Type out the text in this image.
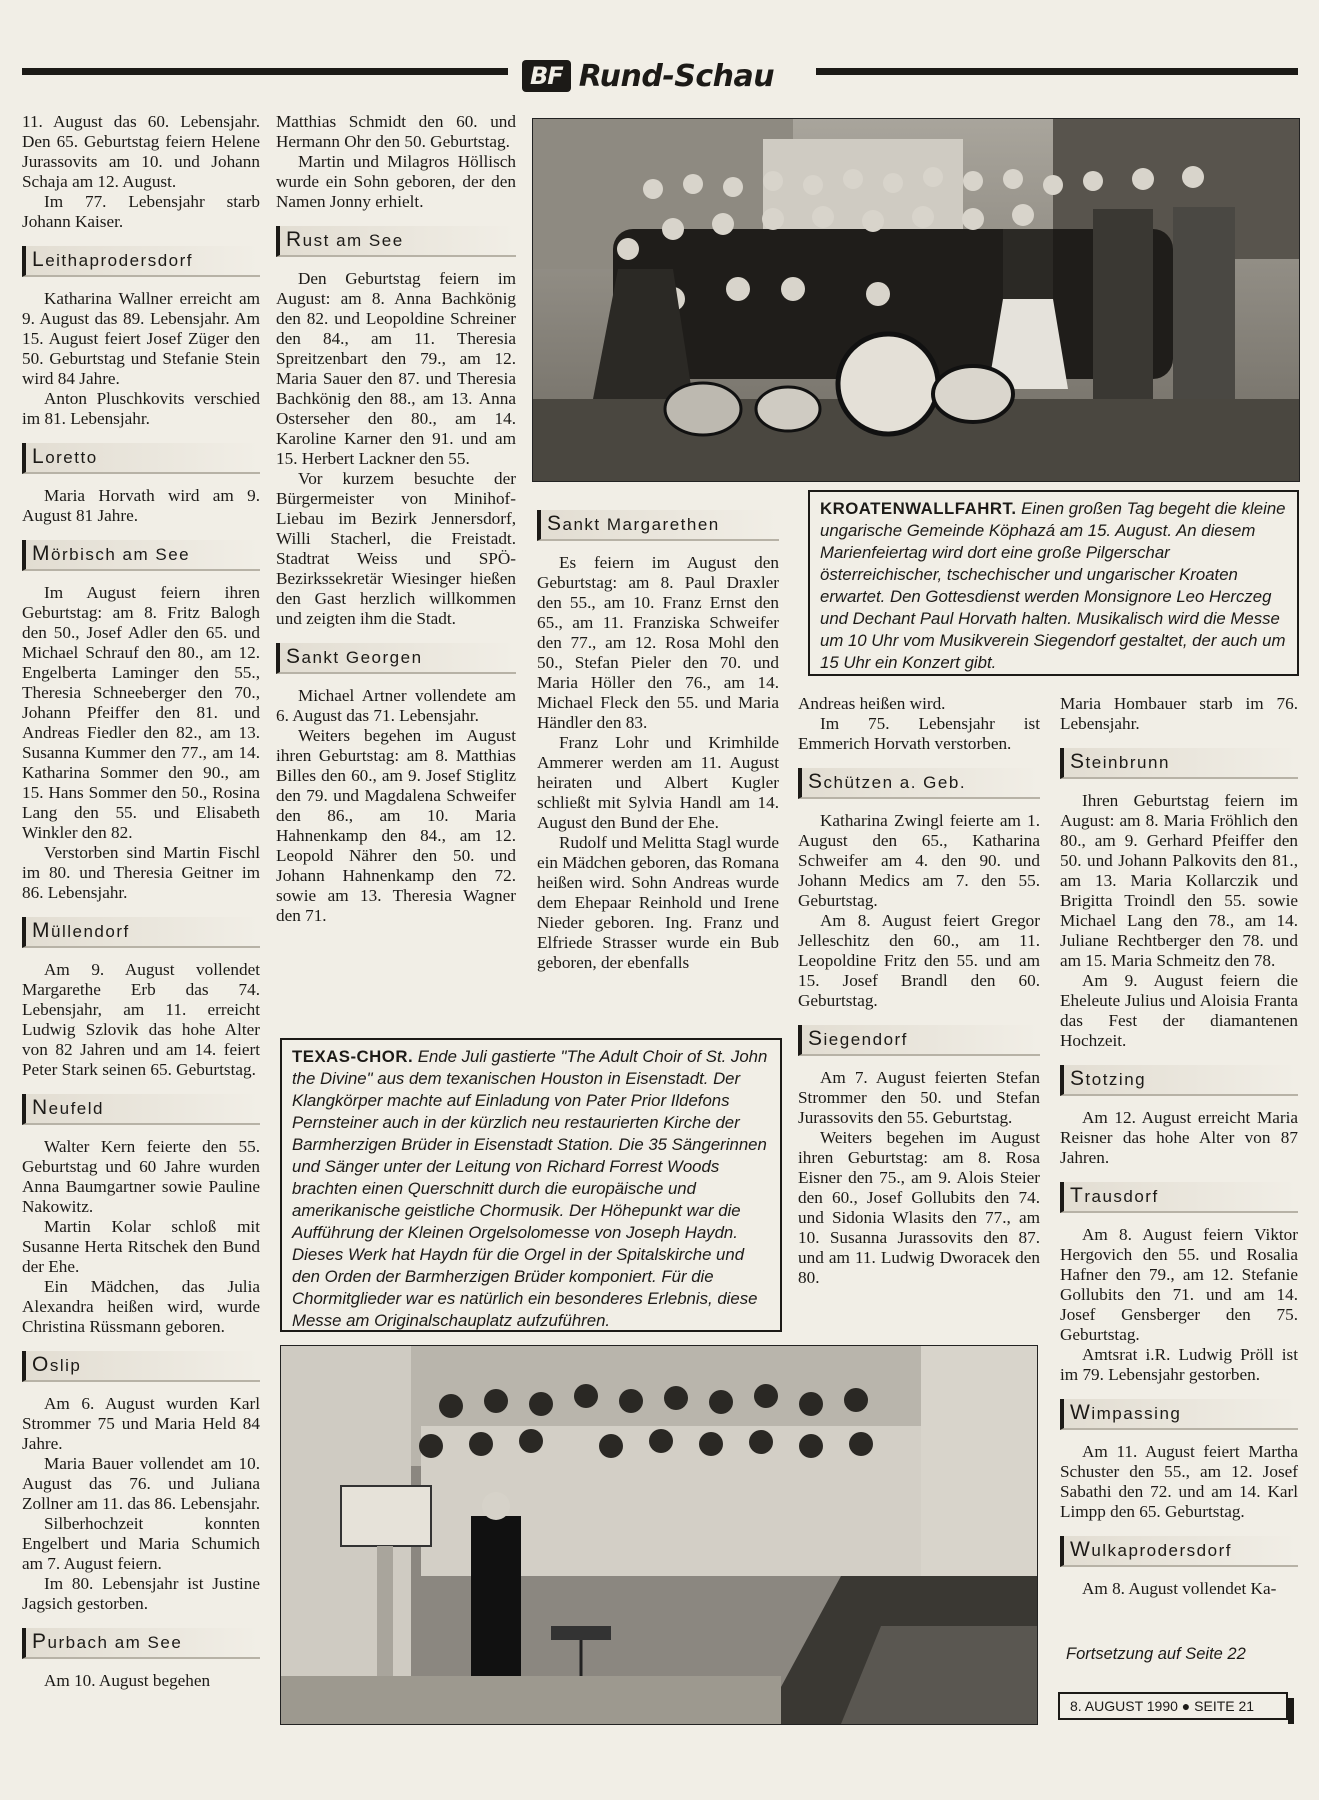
BF Rund-Schau

11. August das 60. Lebensjahr. Den 65. Geburtstag feiern Helene Jurassovits am 10. und Johann Schaja am 12. August.

Im 77. Lebensjahr starb Johann Kaiser.

Leithaprodersdorf

Katharina Wallner erreicht am 9. August das 89. Lebensjahr. Am 15. August feiert Josef Züger den 50. Geburtstag und Stefanie Stein wird 84 Jahre.

Anton Pluschkovits verschied im 81. Lebensjahr.

Loretto

Maria Horvath wird am 9. August 81 Jahre.

Mörbisch am See

Im August feiern ihren Geburtstag: am 8. Fritz Balogh den 50., Josef Adler den 65. und Michael Schrauf den 80., am 12. Engelberta Laminger den 55., Theresia Schneeberger den 70., Johann Pfeiffer den 81. und Andreas Fiedler den 82., am 13. Susanna Kummer den 77., am 14. Katharina Sommer den 90., am 15. Hans Sommer den 50., Rosina Lang den 55. und Elisabeth Winkler den 82.

Verstorben sind Martin Fischl im 80. und Theresia Geitner im 86. Lebensjahr.

Müllendorf

Am 9. August vollendet Margarethe Erb das 74. Lebensjahr, am 11. erreicht Ludwig Szlovik das hohe Alter von 82 Jahren und am 14. feiert Peter Stark seinen 65. Geburtstag.

Neufeld

Walter Kern feierte den 55. Geburtstag und 60 Jahre wurden Anna Baumgartner sowie Pauline Nakowitz.

Martin Kolar schloß mit Susanne Herta Ritschek den Bund der Ehe.

Ein Mädchen, das Julia Alexandra heißen wird, wurde Christina Rüssmann geboren.

Oslip

Am 6. August wurden Karl Strommer 75 und Maria Held 84 Jahre.

Maria Bauer vollendet am 10. August das 76. und Juliana Zollner am 11. das 86. Lebensjahr.

Silberhochzeit konnten Engelbert und Maria Schumich am 7. August feiern.

Im 80. Lebensjahr ist Justine Jagsich gestorben.

Purbach am See

Am 10. August begehen

Matthias Schmidt den 60. und Hermann Ohr den 50. Geburtstag.

Martin und Milagros Höllisch wurde ein Sohn geboren, der den Namen Jonny erhielt.

Rust am See

Den Geburtstag feiern im August: am 8. Anna Bachkönig den 82. und Leopoldine Schreiner den 84., am 11. Theresia Spreitzenbart den 79., am 12. Maria Sauer den 87. und Theresia Bachkönig den 88., am 13. Anna Osterseher den 80., am 14. Karoline Karner den 91. und am 15. Herbert Lackner den 55.

Vor kurzem besuchte der Bürgermeister von Minihof-Liebau im Bezirk Jennersdorf, Willi Stacherl, die Freistadt. Stadtrat Weiss und SPÖ-Bezirkssekretär Wiesinger hießen den Gast herzlich willkommen und zeigten ihm die Stadt.

Sankt Georgen

Michael Artner vollendete am 6. August das 71. Lebensjahr.

Weiters begehen im August ihren Geburtstag: am 8. Matthias Billes den 60., am 9. Josef Stiglitz den 79. und Magdalena Schweifer den 86., am 10. Maria Hahnenkamp den 84., am 12. Leopold Nährer den 50. und Johann Hahnenkamp den 72. sowie am 13. Theresia Wagner den 71.

KROATENWALLFAHRT. Einen großen Tag begeht die kleine ungarische Gemeinde Köphazá am 15. August. An diesem Marienfeiertag wird dort eine große Pilgerschar österreichischer, tschechischer und ungarischer Kroaten erwartet. Den Gottesdienst werden Monsignore Leo Herczeg und Dechant Paul Horvath halten. Musikalisch wird die Messe um 10 Uhr vom Musikverein Siegendorf gestaltet, der auch um 15 Uhr ein Konzert gibt.
Sankt Margarethen

Es feiern im August den Geburtstag: am 8. Paul Draxler den 55., am 10. Franz Ernst den 65., am 11. Franziska Schweifer den 77., am 12. Rosa Mohl den 50., Stefan Pieler den 70. und Maria Höller den 76., am 14. Michael Fleck den 55. und Maria Händler den 83.

Franz Lohr und Krimhilde Ammerer werden am 11. August heiraten und Albert Kugler schließt mit Sylvia Handl am 14. August den Bund der Ehe.

Rudolf und Melitta Stagl wurde ein Mädchen geboren, das Romana heißen wird. Sohn Andreas wurde dem Ehepaar Reinhold und Irene Nieder geboren. Ing. Franz und Elfriede Strasser wurde ein Bub geboren, der ebenfalls

Andreas heißen wird.

Im 75. Lebensjahr ist Emmerich Horvath verstorben.

Schützen a. Geb.

Katharina Zwingl feierte am 1. August den 65., Katharina Schweifer am 4. den 90. und Johann Medics am 7. den 55. Geburtstag.

Am 8. August feiert Gregor Jelleschitz den 60., am 11. Leopoldine Fritz den 55. und am 15. Josef Brandl den 60. Geburtstag.

Siegendorf

Am 7. August feierten Stefan Strommer den 50. und Stefan Jurassovits den 55. Geburtstag.

Weiters begehen im August ihren Geburtstag: am 8. Rosa Eisner den 75., am 9. Alois Steier den 60., Josef Gollubits den 74. und Sidonia Wlasits den 77., am 10. Susanna Jurassovits den 87. und am 11. Ludwig Dworacek den 80.

Maria Hombauer starb im 76. Lebensjahr.

Steinbrunn

Ihren Geburtstag feiern im August: am 8. Maria Fröhlich den 80., am 9. Gerhard Pfeiffer den 50. und Johann Palkovits den 81., am 13. Maria Kollarczik und Brigitta Troindl den 55. sowie Michael Lang den 78., am 14. Juliane Rechtberger den 78. und am 15. Maria Schmeitz den 78.

Am 9. August feiern die Eheleute Julius und Aloisia Franta das Fest der diamantenen Hochzeit.

Stotzing

Am 12. August erreicht Maria Reisner das hohe Alter von 87 Jahren.

Trausdorf

Am 8. August feiern Viktor Hergovich den 55. und Rosalia Hafner den 79., am 12. Stefanie Gollubits den 71. und am 14. Josef Gensberger den 75. Geburtstag.

Amtsrat i.R. Ludwig Pröll ist im 79. Lebensjahr gestorben.

Wimpassing

Am 11. August feiert Martha Schuster den 55., am 12. Josef Sabathi den 72. und am 14. Karl Limpp den 65. Geburtstag.

Wulkaprodersdorf

Am 8. August vollendet Ka-

TEXAS-CHOR. Ende Juli gastierte "The Adult Choir of St. John the Divine" aus dem texanischen Houston in Eisenstadt. Der Klangkörper machte auf Einladung von Pater Prior Ildefons Pernsteiner auch in der kürzlich neu restaurierten Kirche der Barmherzigen Brüder in Eisenstadt Station. Die 35 Sängerinnen und Sänger unter der Leitung von Richard Forrest Woods brachten einen Querschnitt durch die europäische und amerikanische geistliche Chormusik. Der Höhepunkt war die Aufführung der Kleinen Orgelsolomesse von Joseph Haydn. Dieses Werk hat Haydn für die Orgel in der Spitalskirche und den Orden der Barmherzigen Brüder komponiert. Für die Chormitglieder war es natürlich ein besonderes Erlebnis, diese Messe am Originalschauplatz aufzuführen.
Fortsetzung auf Seite 22
8. AUGUST 1990 ● SEITE 21
